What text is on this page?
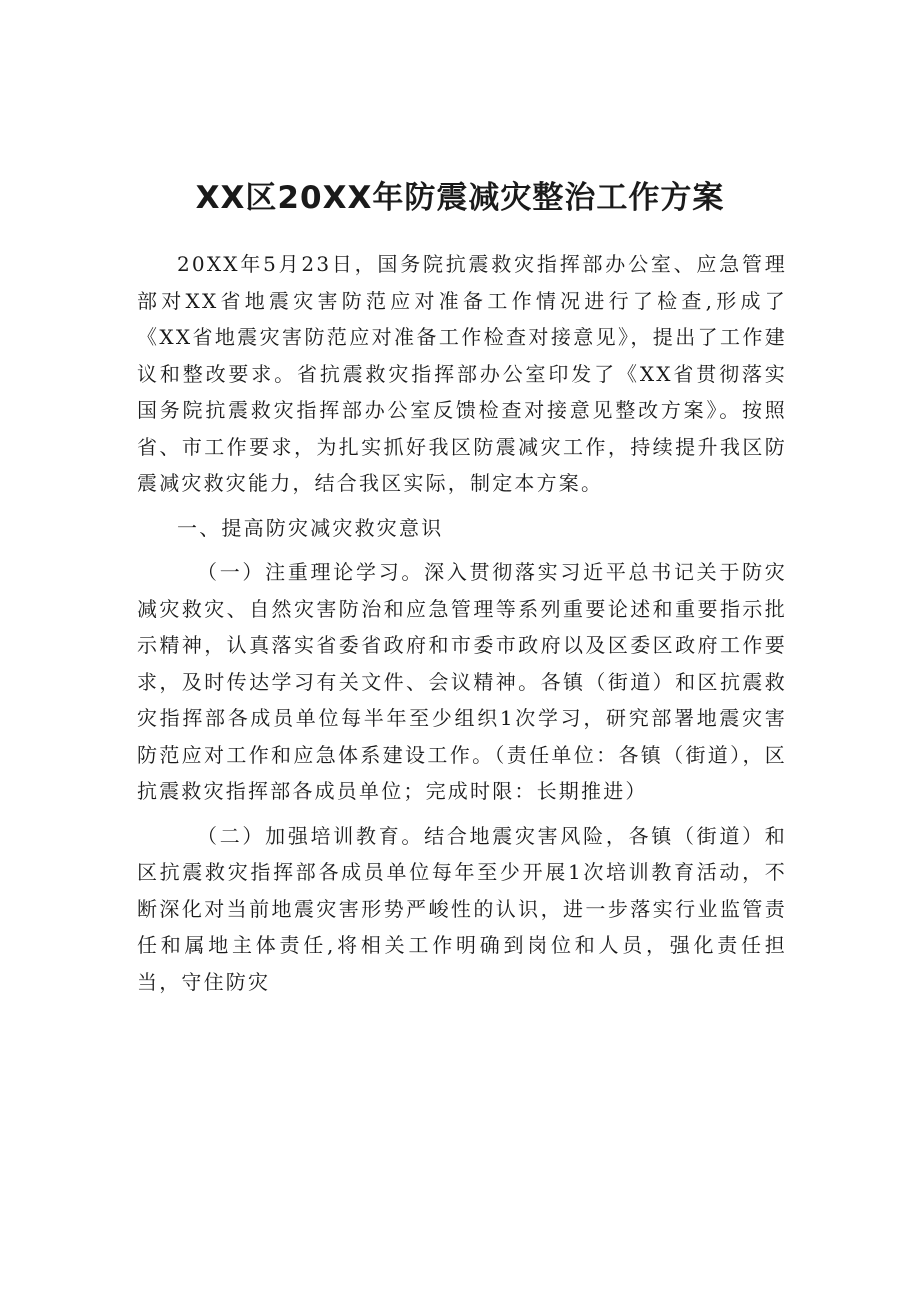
XX区20XX年防震减灾整治工作方案

20XX年5月23日，国务院抗震救灾指挥部办公室、应急管理部对XX省地震灾害防范应对准备工作情况进行了检查,形成了《XX省地震灾害防范应对准备工作检查对接意见》，提出了工作建议和整改要求。省抗震救灾指挥部办公室印发了《XX省贯彻落实国务院抗震救灾指挥部办公室反馈检查对接意见整改方案》。按照省、市工作要求，为扎实抓好我区防震减灾工作，持续提升我区防震减灾救灾能力，结合我区实际，制定本方案。

一、提高防灾减灾救灾意识

（一）注重理论学习。深入贯彻落实习近平总书记关于防灾减灾救灾、自然灾害防治和应急管理等系列重要论述和重要指示批示精神，认真落实省委省政府和市委市政府以及区委区政府工作要求，及时传达学习有关文件、会议精神。各镇（街道）和区抗震救灾指挥部各成员单位每半年至少组织1次学习，研究部署地震灾害防范应对工作和应急体系建设工作。（责任单位：各镇（街道），区抗震救灾指挥部各成员单位；完成时限：长期推进）

（二）加强培训教育。结合地震灾害风险，各镇（街道）和区抗震救灾指挥部各成员单位每年至少开展1次培训教育活动，不断深化对当前地震灾害形势严峻性的认识，进一步落实行业监管责任和属地主体责任,将相关工作明确到岗位和人员，强化责任担当，守住防灾
